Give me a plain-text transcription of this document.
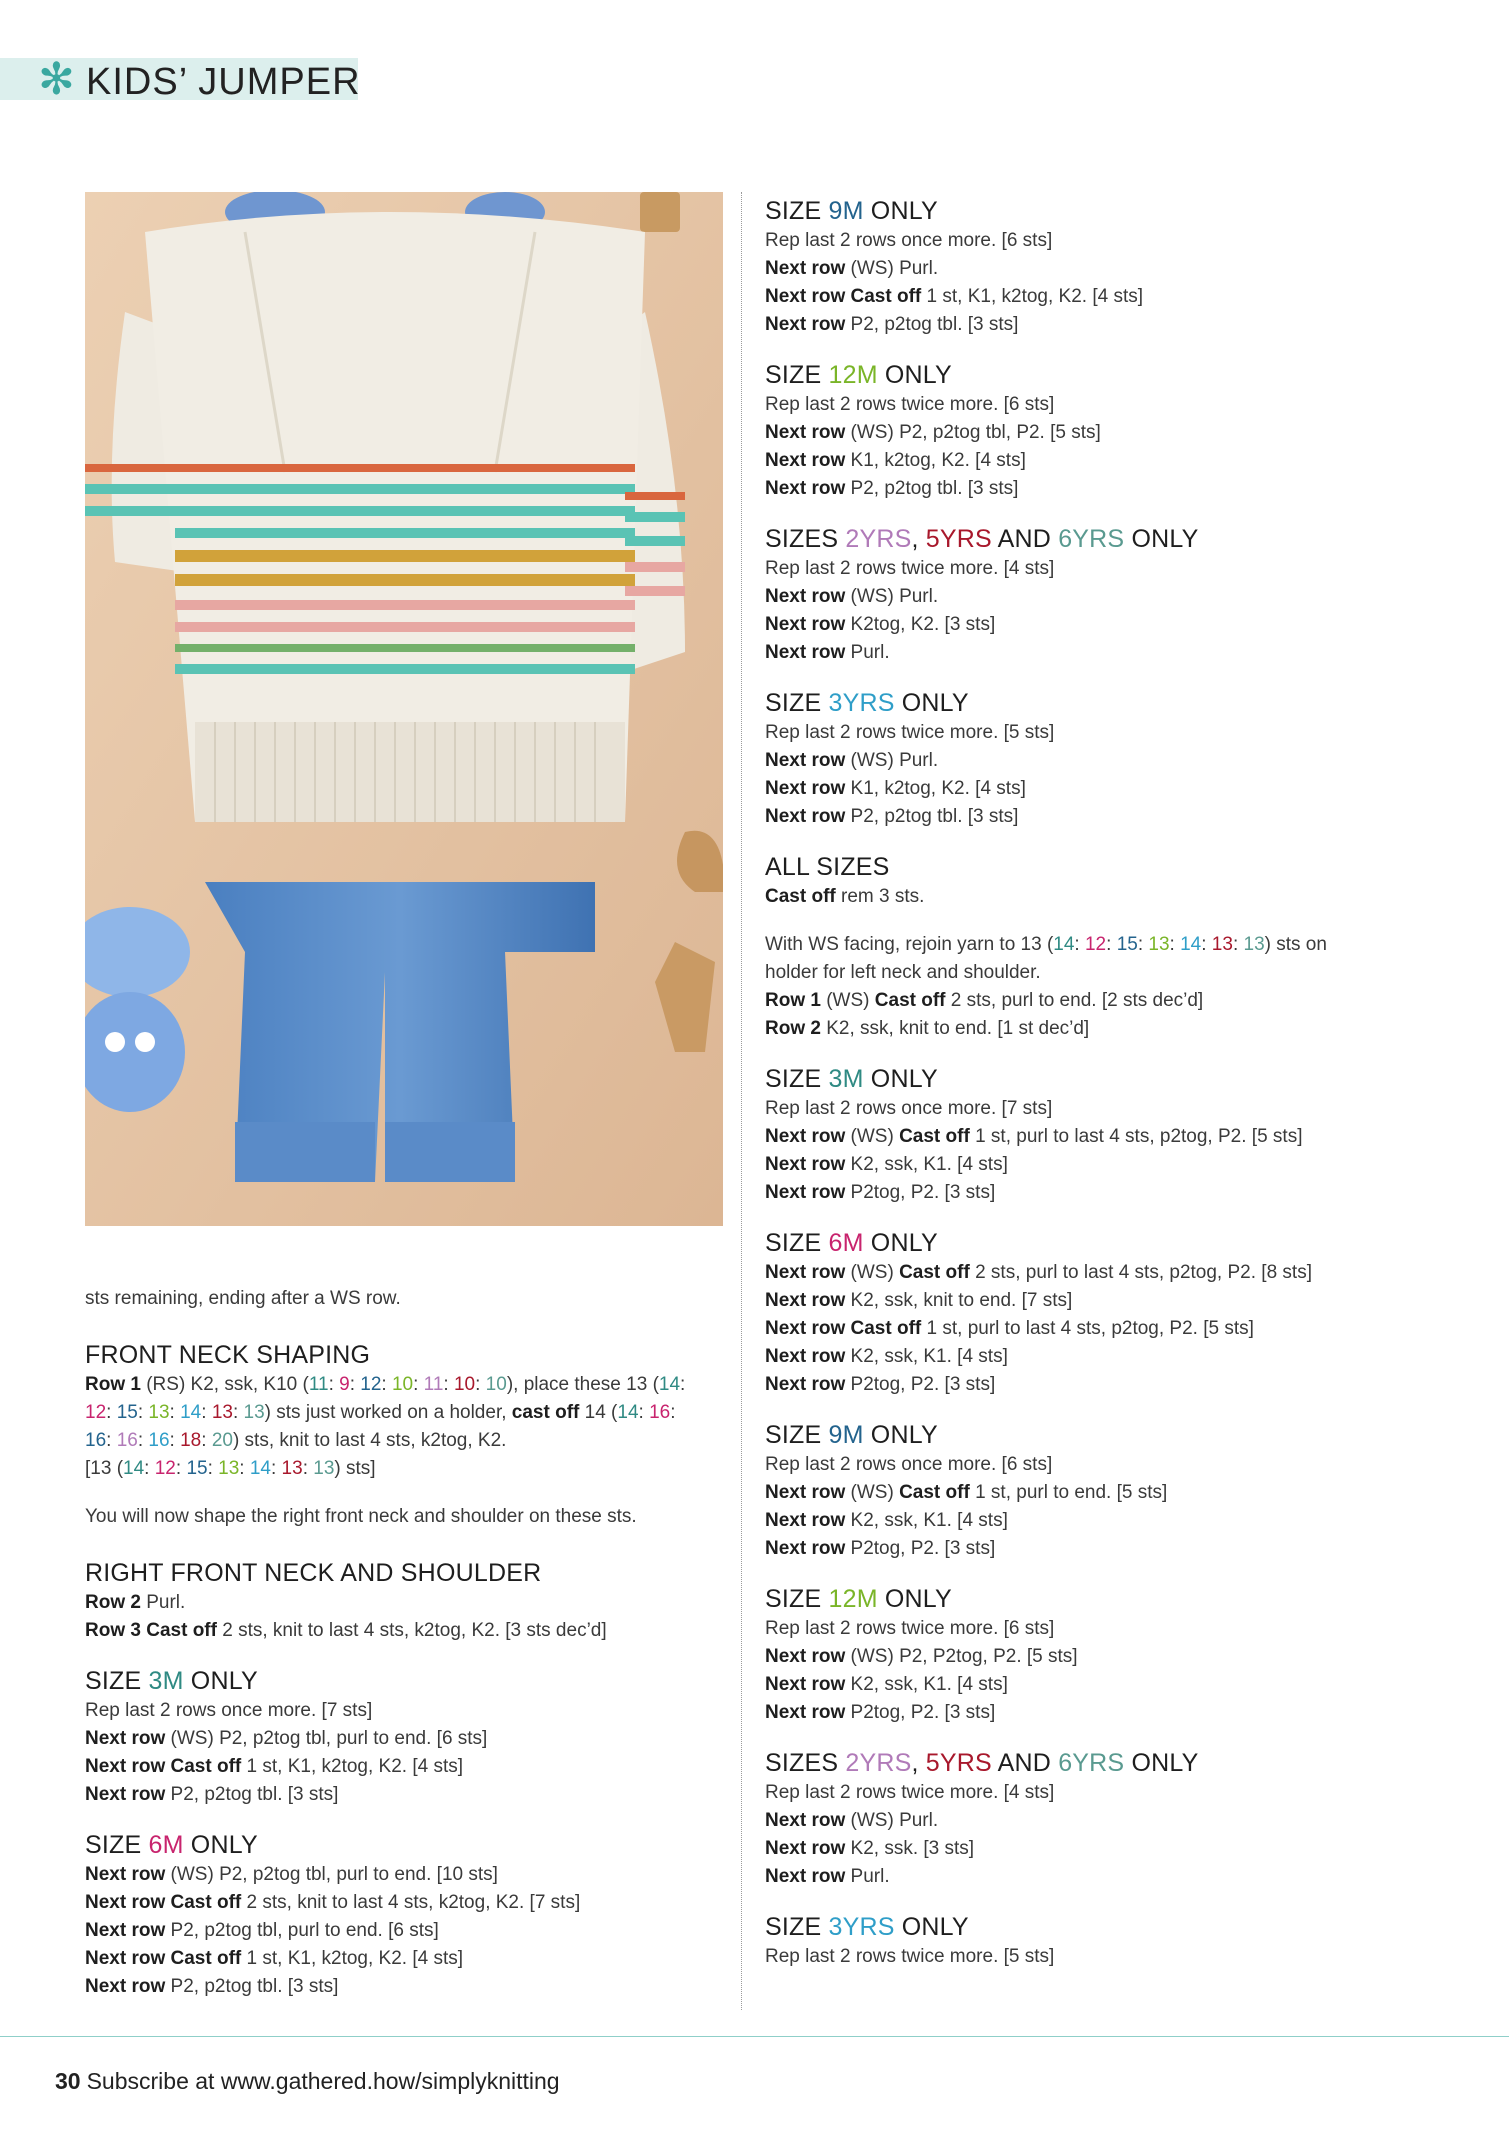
✻ KIDS’ JUMPER

sts remaining, ending after a WS row.

FRONT NECK SHAPING

Row 1 (RS) K2, ssk, K10 (11: 9: 12: 10: 11: 10: 10), place these 13 (14:

12: 15: 13: 14: 13: 13) sts just worked on a holder, cast off 14 (14: 16:

16: 16: 16: 18: 20) sts, knit to last 4 sts, k2tog, K2.

[13 (14: 12: 15: 13: 14: 13: 13) sts]

You will now shape the right front neck and shoulder on these sts.

RIGHT FRONT NECK AND SHOULDER

Row 2 Purl.

Row 3 Cast off 2 sts, knit to last 4 sts, k2tog, K2. [3 sts dec’d]

SIZE 3M ONLY

Rep last 2 rows once more. [7 sts]

Next row (WS) P2, p2tog tbl, purl to end. [6 sts]

Next row Cast off 1 st, K1, k2tog, K2. [4 sts]

Next row P2, p2tog tbl. [3 sts]

SIZE 6M ONLY

Next row (WS) P2, p2tog tbl, purl to end. [10 sts]

Next row Cast off 2 sts, knit to last 4 sts, k2tog, K2. [7 sts]

Next row P2, p2tog tbl, purl to end. [6 sts]

Next row Cast off 1 st, K1, k2tog, K2. [4 sts]

Next row P2, p2tog tbl. [3 sts]

SIZE 9M ONLY

Rep last 2 rows once more. [6 sts]

Next row (WS) Purl.

Next row Cast off 1 st, K1, k2tog, K2. [4 sts]

Next row P2, p2tog tbl. [3 sts]

SIZE 12M ONLY

Rep last 2 rows twice more. [6 sts]

Next row (WS) P2, p2tog tbl, P2. [5 sts]

Next row K1, k2tog, K2. [4 sts]

Next row P2, p2tog tbl. [3 sts]

SIZES 2YRS, 5YRS AND 6YRS ONLY

Rep last 2 rows twice more. [4 sts]

Next row (WS) Purl.

Next row K2tog, K2. [3 sts]

Next row Purl.

SIZE 3YRS ONLY

Rep last 2 rows twice more. [5 sts]

Next row (WS) Purl.

Next row K1, k2tog, K2. [4 sts]

Next row P2, p2tog tbl. [3 sts]

ALL SIZES

Cast off rem 3 sts.

With WS facing, rejoin yarn to 13 (14: 12: 15: 13: 14: 13: 13) sts on

holder for left neck and shoulder.

Row 1 (WS) Cast off 2 sts, purl to end. [2 sts dec’d]

Row 2 K2, ssk, knit to end. [1 st dec’d]

SIZE 3M ONLY

Rep last 2 rows once more. [7 sts]

Next row (WS) Cast off 1 st, purl to last 4 sts, p2tog, P2. [5 sts]

Next row K2, ssk, K1. [4 sts]

Next row P2tog, P2. [3 sts]

SIZE 6M ONLY

Next row (WS) Cast off 2 sts, purl to last 4 sts, p2tog, P2. [8 sts]

Next row K2, ssk, knit to end. [7 sts]

Next row Cast off 1 st, purl to last 4 sts, p2tog, P2. [5 sts]

Next row K2, ssk, K1. [4 sts]

Next row P2tog, P2. [3 sts]

SIZE 9M ONLY

Rep last 2 rows once more. [6 sts]

Next row (WS) Cast off 1 st, purl to end. [5 sts]

Next row K2, ssk, K1. [4 sts]

Next row P2tog, P2. [3 sts]

SIZE 12M ONLY

Rep last 2 rows twice more. [6 sts]

Next row (WS) P2, P2tog, P2. [5 sts]

Next row K2, ssk, K1. [4 sts]

Next row P2tog, P2. [3 sts]

SIZES 2YRS, 5YRS AND 6YRS ONLY

Rep last 2 rows twice more. [4 sts]

Next row (WS) Purl.

Next row K2, ssk. [3 sts]

Next row Purl.

SIZE 3YRS ONLY

Rep last 2 rows twice more. [5 sts]

30 Subscribe at www.gathered.how/simplyknitting
